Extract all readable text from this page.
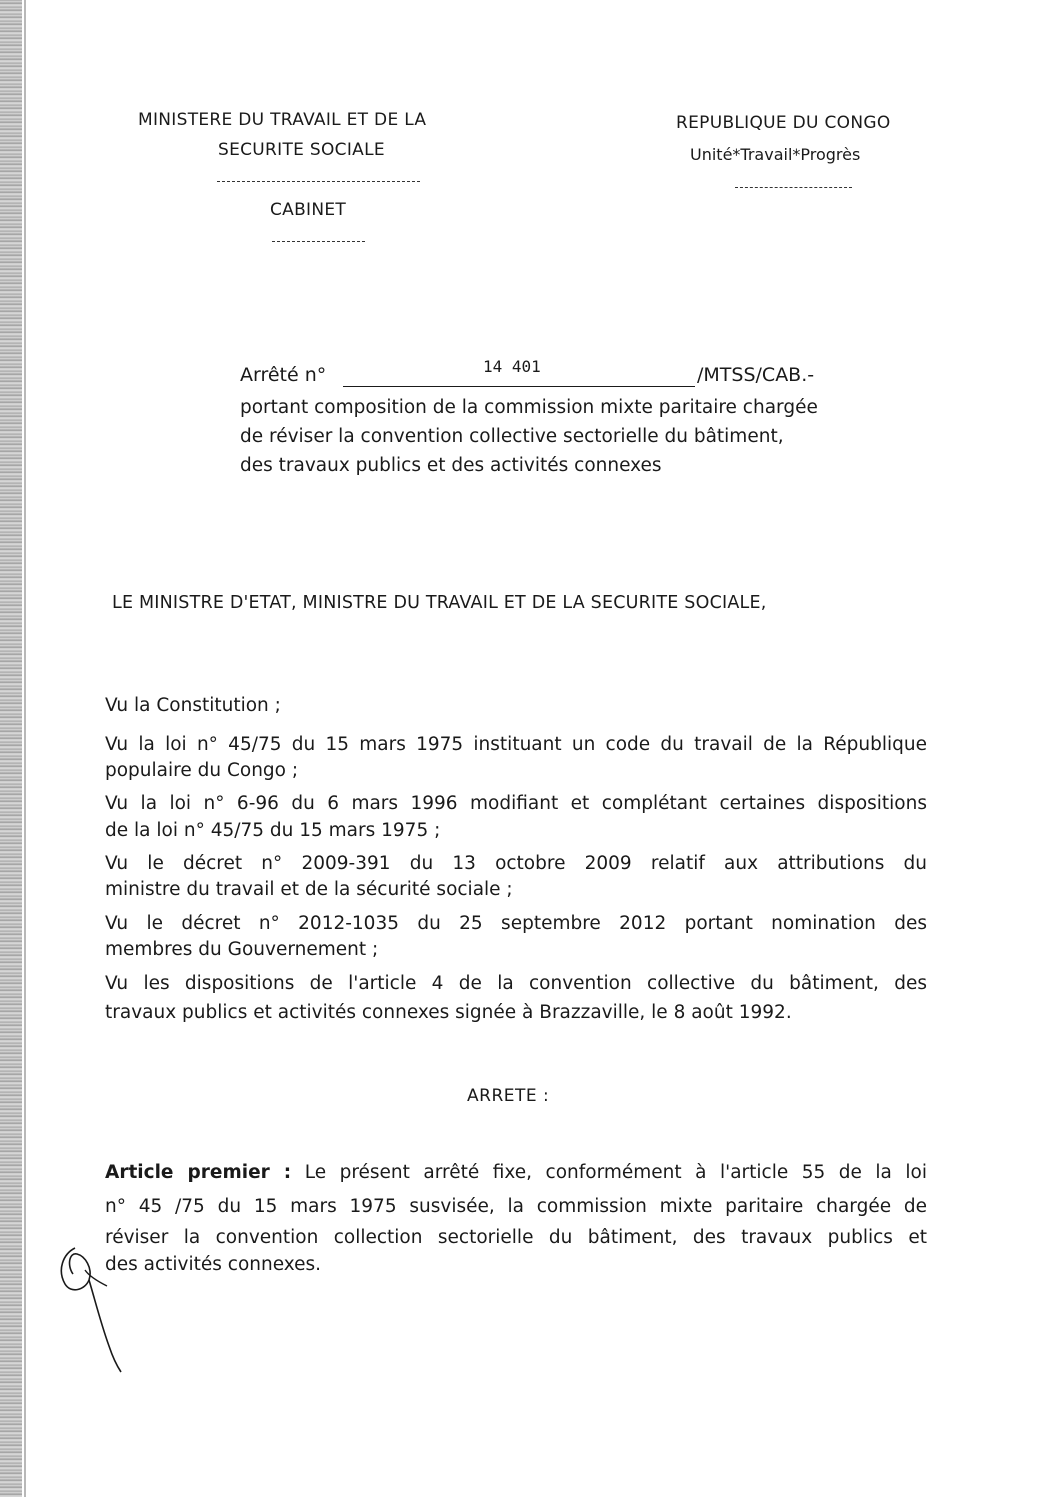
MINISTERE DU TRAVAIL ET DE LA
SECURITE SOCIALE
CABINET
REPUBLIQUE DU CONGO
Unité*Travail*Progrès
Arrêté n°	14 401	/MTSS/CAB.-
portant composition de la commission mixte paritaire chargée
de réviser la convention collective sectorielle du bâtiment,
des travaux publics et des activités connexes
LE MINISTRE D'ETAT, MINISTRE DU TRAVAIL ET DE LA SECURITE SOCIALE,
Vu la Constitution ;
Vu la loi n° 45/75 du 15 mars 1975 instituant un code du travail de la République
populaire du Congo ;
Vu la loi n° 6-96 du 6 mars 1996 modifiant et complétant certaines dispositions
de la loi n° 45/75 du 15 mars 1975 ;
Vu le décret n° 2009-391 du 13 octobre 2009 relatif aux attributions du
ministre du travail et de la sécurité sociale ;
Vu le décret n° 2012-1035 du 25 septembre 2012 portant nomination des
membres du Gouvernement ;
Vu les dispositions de l'article 4 de la convention collective du bâtiment, des
travaux publics et activités connexes signée à Brazzaville, le 8 août 1992.
ARRETE :
Article premier : Le présent arrêté fixe, conformément à l'article 55 de la loi
n° 45 /75 du 15 mars 1975 susvisée, la commission mixte paritaire chargée de
réviser la convention collection sectorielle du bâtiment, des travaux publics et
des activités connexes.
